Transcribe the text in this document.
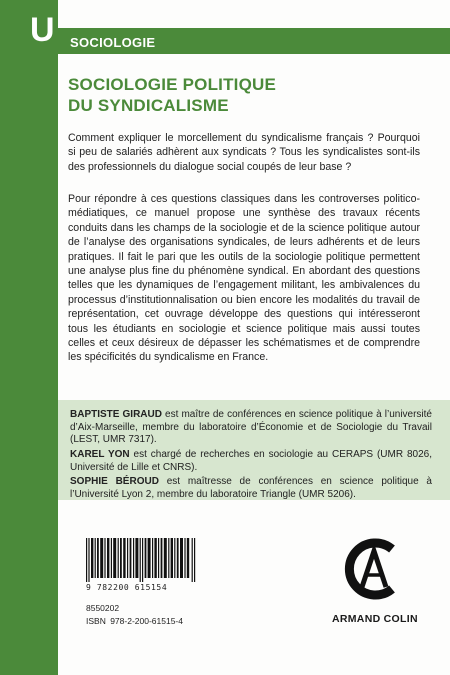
U SOCIOLOGIE
SOCIOLOGIE POLITIQUE
DU SYNDICALISME

Comment expliquer le morcellement du syndicalisme français ? Pourquoi si peu de salariés adhèrent aux syndicats ? Tous les syndicalistes sont-ils des professionnels du dialogue social coupés de leur base ?

Pour répondre à ces questions classiques dans les controverses politico-médiatiques, ce manuel propose une synthèse des travaux récents conduits dans les champs de la sociologie et de la science politique autour de l’analyse des organisations syndicales, de leurs adhérents et de leurs pratiques. Il fait le pari que les outils de la sociologie politique permettent une analyse plus fine du phénomène syndical. En abordant des questions telles que les dynamiques de l’engagement militant, les ambivalences du processus d’institutionnalisation ou bien encore les modalités du travail de représentation, cet ouvrage développe des questions qui intéresseront tous les étudiants en sociologie et science politique mais aussi toutes celles et ceux désireux de dépasser les schématismes et de comprendre les spécificités du syndicalisme en France.

BAPTISTE GIRAUD est maître de conférences en science politique à l’université d’Aix-Marseille, membre du laboratoire d’Économie et de Sociologie du Travail (LEST, UMR 7317).

KAREL YON est chargé de recherches en sociologie au CERAPS (UMR 8026, Université de Lille et CNRS).

SOPHIE BÉROUD est maîtresse de conférences en science politique à l’Université Lyon 2, membre du laboratoire Triangle (UMR 5206).

9 782200 615154
8550202
ISBN 978-2-200-61515-4	ARMAND COLIN
